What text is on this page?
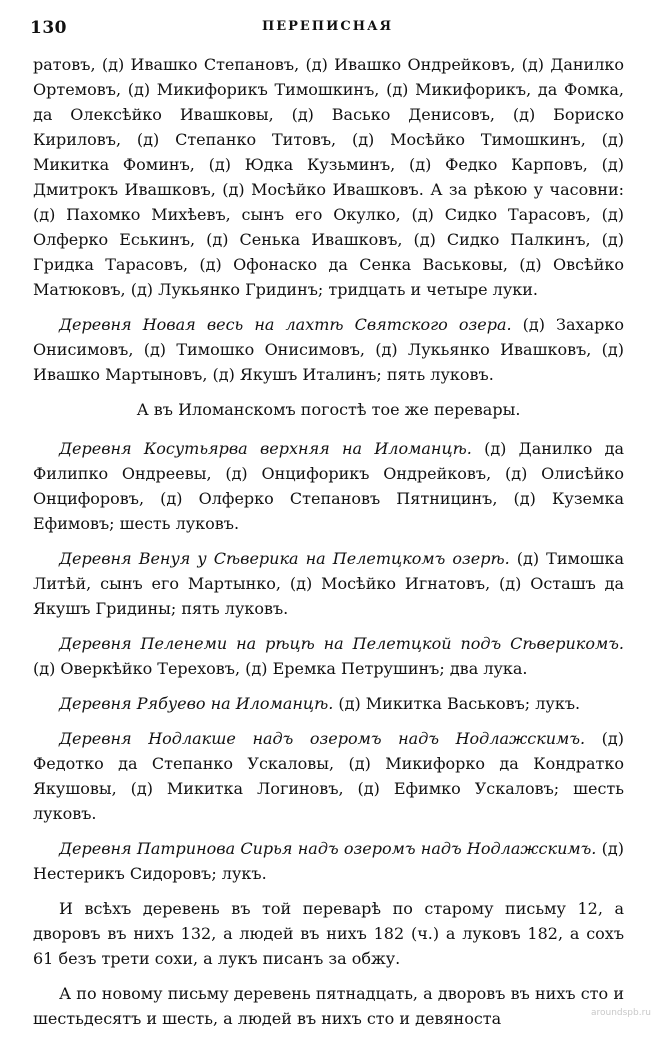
130	ПЕРЕПИСНАЯ

ратовъ, (д) Ивашко Степановъ, (д) Ивашко Ондрейковъ, (д) Данилко Ортемовъ, (д) Микифорикъ Тимошкинъ, (д) Микифорикъ, да Фомка, да Олексѣйко Ивашковы, (д) Васько Денисовъ, (д) Бориско Кириловъ, (д) Степанко Титовъ, (д) Мосѣйко Тимошкинъ, (д) Микитка Фоминъ, (д) Юдка Кузьминъ, (д) Федко Карповъ, (д) Дмитрокъ Ивашковъ, (д) Мосѣйко Ивашковъ. А за рѣкою у часовни: (д) Пахомко Михѣевъ, сынъ его Окулко, (д) Сидко Тарасовъ, (д) Олферко Еськинъ, (д) Сенька Ивашковъ, (д) Сидко Палкинъ, (д) Гридка Тарасовъ, (д) Офонаско да Сенка Васьковы, (д) Овсѣйко Матюковъ, (д) Лукьянко Гридинъ; тридцать и четыре луки.

Деревня Новая весь на лахтѣ Святскогo озера. (д) Захарко Онисимовъ, (д) Тимошко Онисимовъ, (д) Лукьянко Ивашковъ, (д) Ивашко Мартыновъ, (д) Якушъ Италинъ; пять луковъ.

А въ Иломанскомъ погостѣ тое же перевары.

Деревня Косутьярва верхняя на Иломанцѣ. (д) Данилко да Филипко Ондреевы, (д) Онцифорикъ Ондрейковъ, (д) Олисѣйко Онцифоровъ, (д) Олферко Степановъ Пятницинъ, (д) Куземка Ефимовъ; шесть луковъ.

Деревня Венуя у Сѣверика на Пелетцкомъ озерѣ. (д) Тимошка Литѣй, сынъ его Мартынко, (д) Мосѣйко Игнатовъ, (д) Осташъ да Якушъ Гридины; пять луковъ.

Деревня Пеленеми на рѣцѣ на Пелетцкой подъ Сѣверикомъ. (д) Оверкѣйко Тереховъ, (д) Еремка Петрушинъ; два лука.

Деревня Рябуево на Иломанцѣ. (д) Микитка Васьковъ; лукъ.

Деревня Нодлакше надъ озеромъ надъ Нодлажскимъ. (д) Федотко да Степанко Ускаловы, (д) Микифорко да Кондратко Якушовы, (д) Микитка Логиновъ, (д) Ефимко Ускаловъ; шесть луковъ.

Деревня Патринова Сирья надъ озеромъ надъ Нодлажскимъ. (д) Нестерикъ Сидоровъ; лукъ.

И всѣхъ деревень въ той переварѣ по старому письму 12, а дворовъ въ нихъ 132, а людей въ нихъ 182 (ч.) а луковъ 182, а сохъ 61 безъ трети сохи, а лукъ писанъ за обжу.

А по новому письму деревень пятнадцать, а дворовъ въ нихъ сто и шестьдесятъ и шесть, а людей въ нихъ сто и девяноста	aroundspb.ru
